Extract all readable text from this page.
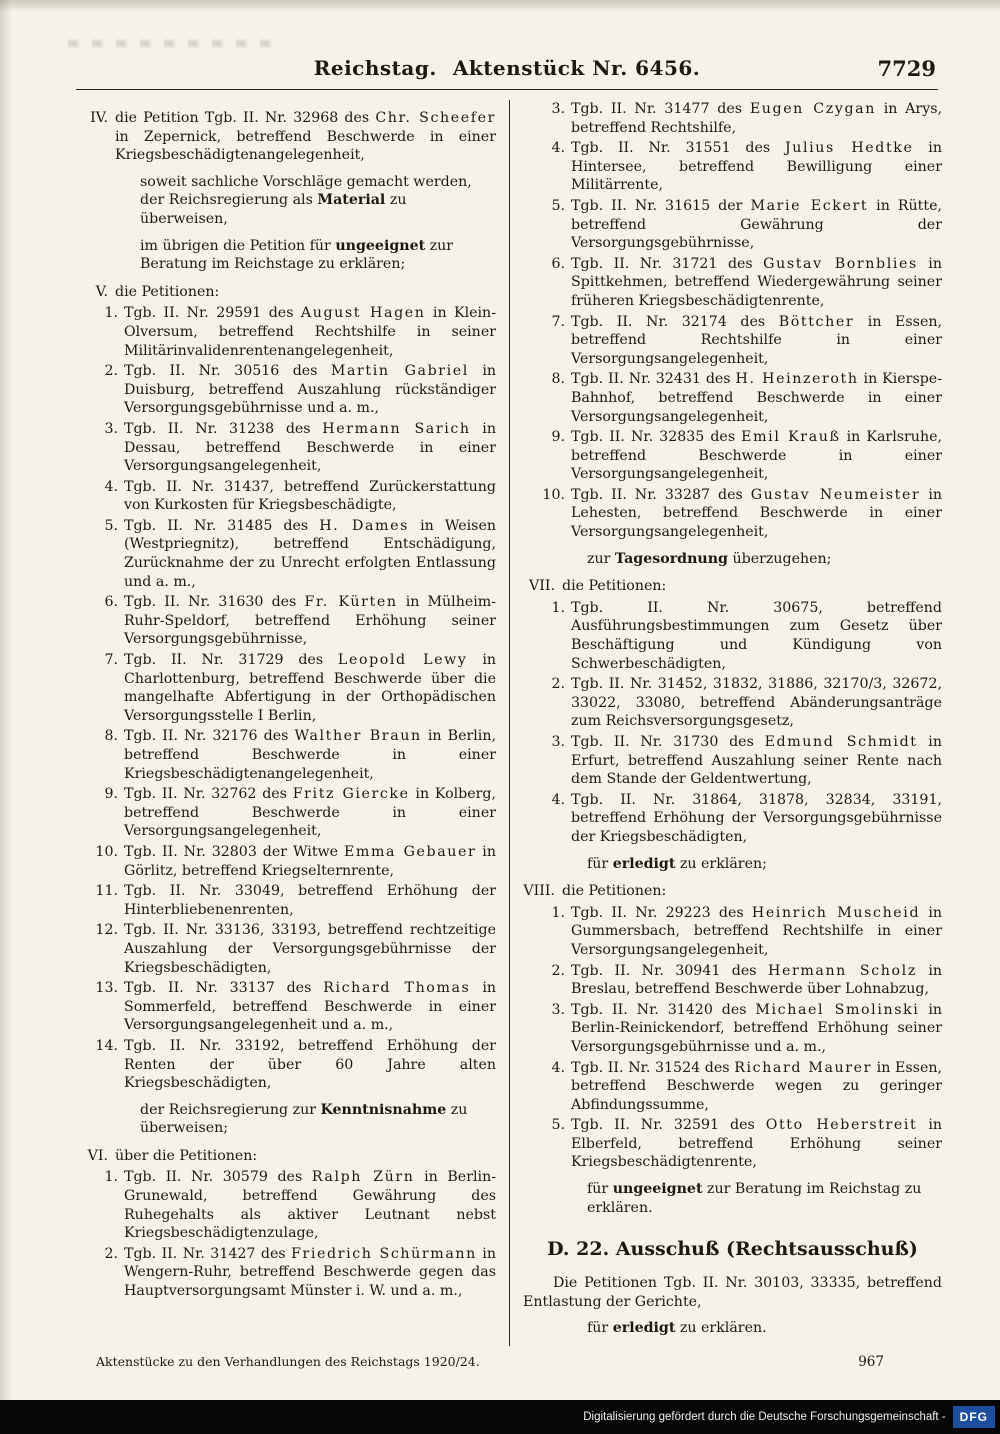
Reichstag. Aktenstück Nr. 6456.	7729
IV. die Petition Tgb. II. Nr. 32968 des Chr. Scheefer in Zepernick, betreffend Beschwerde in einer Kriegsbeschädigtenangelegenheit,
soweit sachliche Vorschläge gemacht werden, der Reichsregierung als Material zu überweisen,
im übrigen die Petition für ungeeignet zur Beratung im Reichstage zu erklären;
V. die Petitionen:
1. Tgb. II. Nr. 29591 des August Hagen in Klein-Olversum, betreffend Rechtshilfe in seiner Militärinvalidenrentenangelegenheit,
2. Tgb. II. Nr. 30516 des Martin Gabriel in Duisburg, betreffend Auszahlung rückständiger Versorgungsgebührnisse und a. m.,
3. Tgb. II. Nr. 31238 des Hermann Sarich in Dessau, betreffend Beschwerde in einer Versorgungsangelegenheit,
4. Tgb. II. Nr. 31437, betreffend Zurückerstattung von Kurkosten für Kriegsbeschädigte,
5. Tgb. II. Nr. 31485 des H. Dames in Weisen (Westpriegnitz), betreffend Entschädigung, Zurücknahme der zu Unrecht erfolgten Entlassung und a. m.,
6. Tgb. II. Nr. 31630 des Fr. Kürten in Mülheim-Ruhr-Speldorf, betreffend Erhöhung seiner Versorgungsgebührnisse,
7. Tgb. II. Nr. 31729 des Leopold Lewy in Charlottenburg, betreffend Beschwerde über die mangelhafte Abfertigung in der Orthopädischen Versorgungsstelle I Berlin,
8. Tgb. II. Nr. 32176 des Walther Braun in Berlin, betreffend Beschwerde in einer Kriegsbeschädigtenangelegenheit,
9. Tgb. II. Nr. 32762 des Fritz Giercke in Kolberg, betreffend Beschwerde in einer Versorgungsangelegenheit,
10. Tgb. II. Nr. 32803 der Witwe Emma Gebauer in Görlitz, betreffend Kriegselternrente,
11. Tgb. II. Nr. 33049, betreffend Erhöhung der Hinterbliebenenrenten,
12. Tgb. II. Nr. 33136, 33193, betreffend rechtzeitige Auszahlung der Versorgungsgebührnisse der Kriegsbeschädigten,
13. Tgb. II. Nr. 33137 des Richard Thomas in Sommerfeld, betreffend Beschwerde in einer Versorgungsangelegenheit und a. m.,
14. Tgb. II. Nr. 33192, betreffend Erhöhung der Renten der über 60 Jahre alten Kriegsbeschädigten,
der Reichsregierung zur Kenntnisnahme zu überweisen;
VI. über die Petitionen:
1. Tgb. II. Nr. 30579 des Ralph Zürn in Berlin-Grunewald, betreffend Gewährung des Ruhegehalts als aktiver Leutnant nebst Kriegsbeschädigtenzulage,
2. Tgb. II. Nr. 31427 des Friedrich Schürmann in Wengern-Ruhr, betreffend Beschwerde gegen das Hauptversorgungsamt Münster i. W. und a. m.,
3. Tgb. II. Nr. 31477 des Eugen Czygan in Arys, betreffend Rechtshilfe,
4. Tgb. II. Nr. 31551 des Julius Hedtke in Hintersee, betreffend Bewilligung einer Militärrente,
5. Tgb. II. Nr. 31615 der Marie Eckert in Rütte, betreffend Gewährung der Versorgungsgebührnisse,
6. Tgb. II. Nr. 31721 des Gustav Bornblies in Spittkehmen, betreffend Wiedergewährung seiner früheren Kriegsbeschädigtenrente,
7. Tgb. II. Nr. 32174 des Böttcher in Essen, betreffend Rechtshilfe in einer Versorgungsangelegenheit,
8. Tgb. II. Nr. 32431 des H. Heinzeroth in Kierspe-Bahnhof, betreffend Beschwerde in einer Versorgungsangelegenheit,
9. Tgb. II. Nr. 32835 des Emil Krauß in Karlsruhe, betreffend Beschwerde in einer Versorgungsangelegenheit,
10. Tgb. II. Nr. 33287 des Gustav Neumeister in Lehesten, betreffend Beschwerde in einer Versorgungsangelegenheit,
zur Tagesordnung überzugehen;
VII. die Petitionen:
1. Tgb. II. Nr. 30675, betreffend Ausführungsbestimmungen zum Gesetz über Beschäftigung und Kündigung von Schwerbeschädigten,
2. Tgb. II. Nr. 31452, 31832, 31886, 32170/3, 32672, 33022, 33080, betreffend Abänderungsanträge zum Reichsversorgungsgesetz,
3. Tgb. II. Nr. 31730 des Edmund Schmidt in Erfurt, betreffend Auszahlung seiner Rente nach dem Stande der Geldentwertung,
4. Tgb. II. Nr. 31864, 31878, 32834, 33191, betreffend Erhöhung der Versorgungsgebührnisse der Kriegsbeschädigten,
für erledigt zu erklären;
VIII. die Petitionen:
1. Tgb. II. Nr. 29223 des Heinrich Muscheid in Gummersbach, betreffend Rechtshilfe in einer Versorgungsangelegenheit,
2. Tgb. II. Nr. 30941 des Hermann Scholz in Breslau, betreffend Beschwerde über Lohnabzug,
3. Tgb. II. Nr. 31420 des Michael Smolinski in Berlin-Reinickendorf, betreffend Erhöhung seiner Versorgungsgebührnisse und a. m.,
4. Tgb. II. Nr. 31524 des Richard Maurer in Essen, betreffend Beschwerde wegen zu geringer Abfindungssumme,
5. Tgb. II. Nr. 32591 des Otto Heberstreit in Elberfeld, betreffend Erhöhung seiner Kriegsbeschädigtenrente,
für ungeeignet zur Beratung im Reichstag zu erklären.
D. 22. Ausschuß (Rechtsausschuß)
Die Petitionen Tgb. II. Nr. 30103, 33335, betreffend Entlastung der Gerichte,
für erledigt zu erklären.
Aktenstücke zu den Verhandlungen des Reichstags 1920/24.	967
Digitalisierung gefördert durch die Deutsche Forschungsgemeinschaft -	DFG
